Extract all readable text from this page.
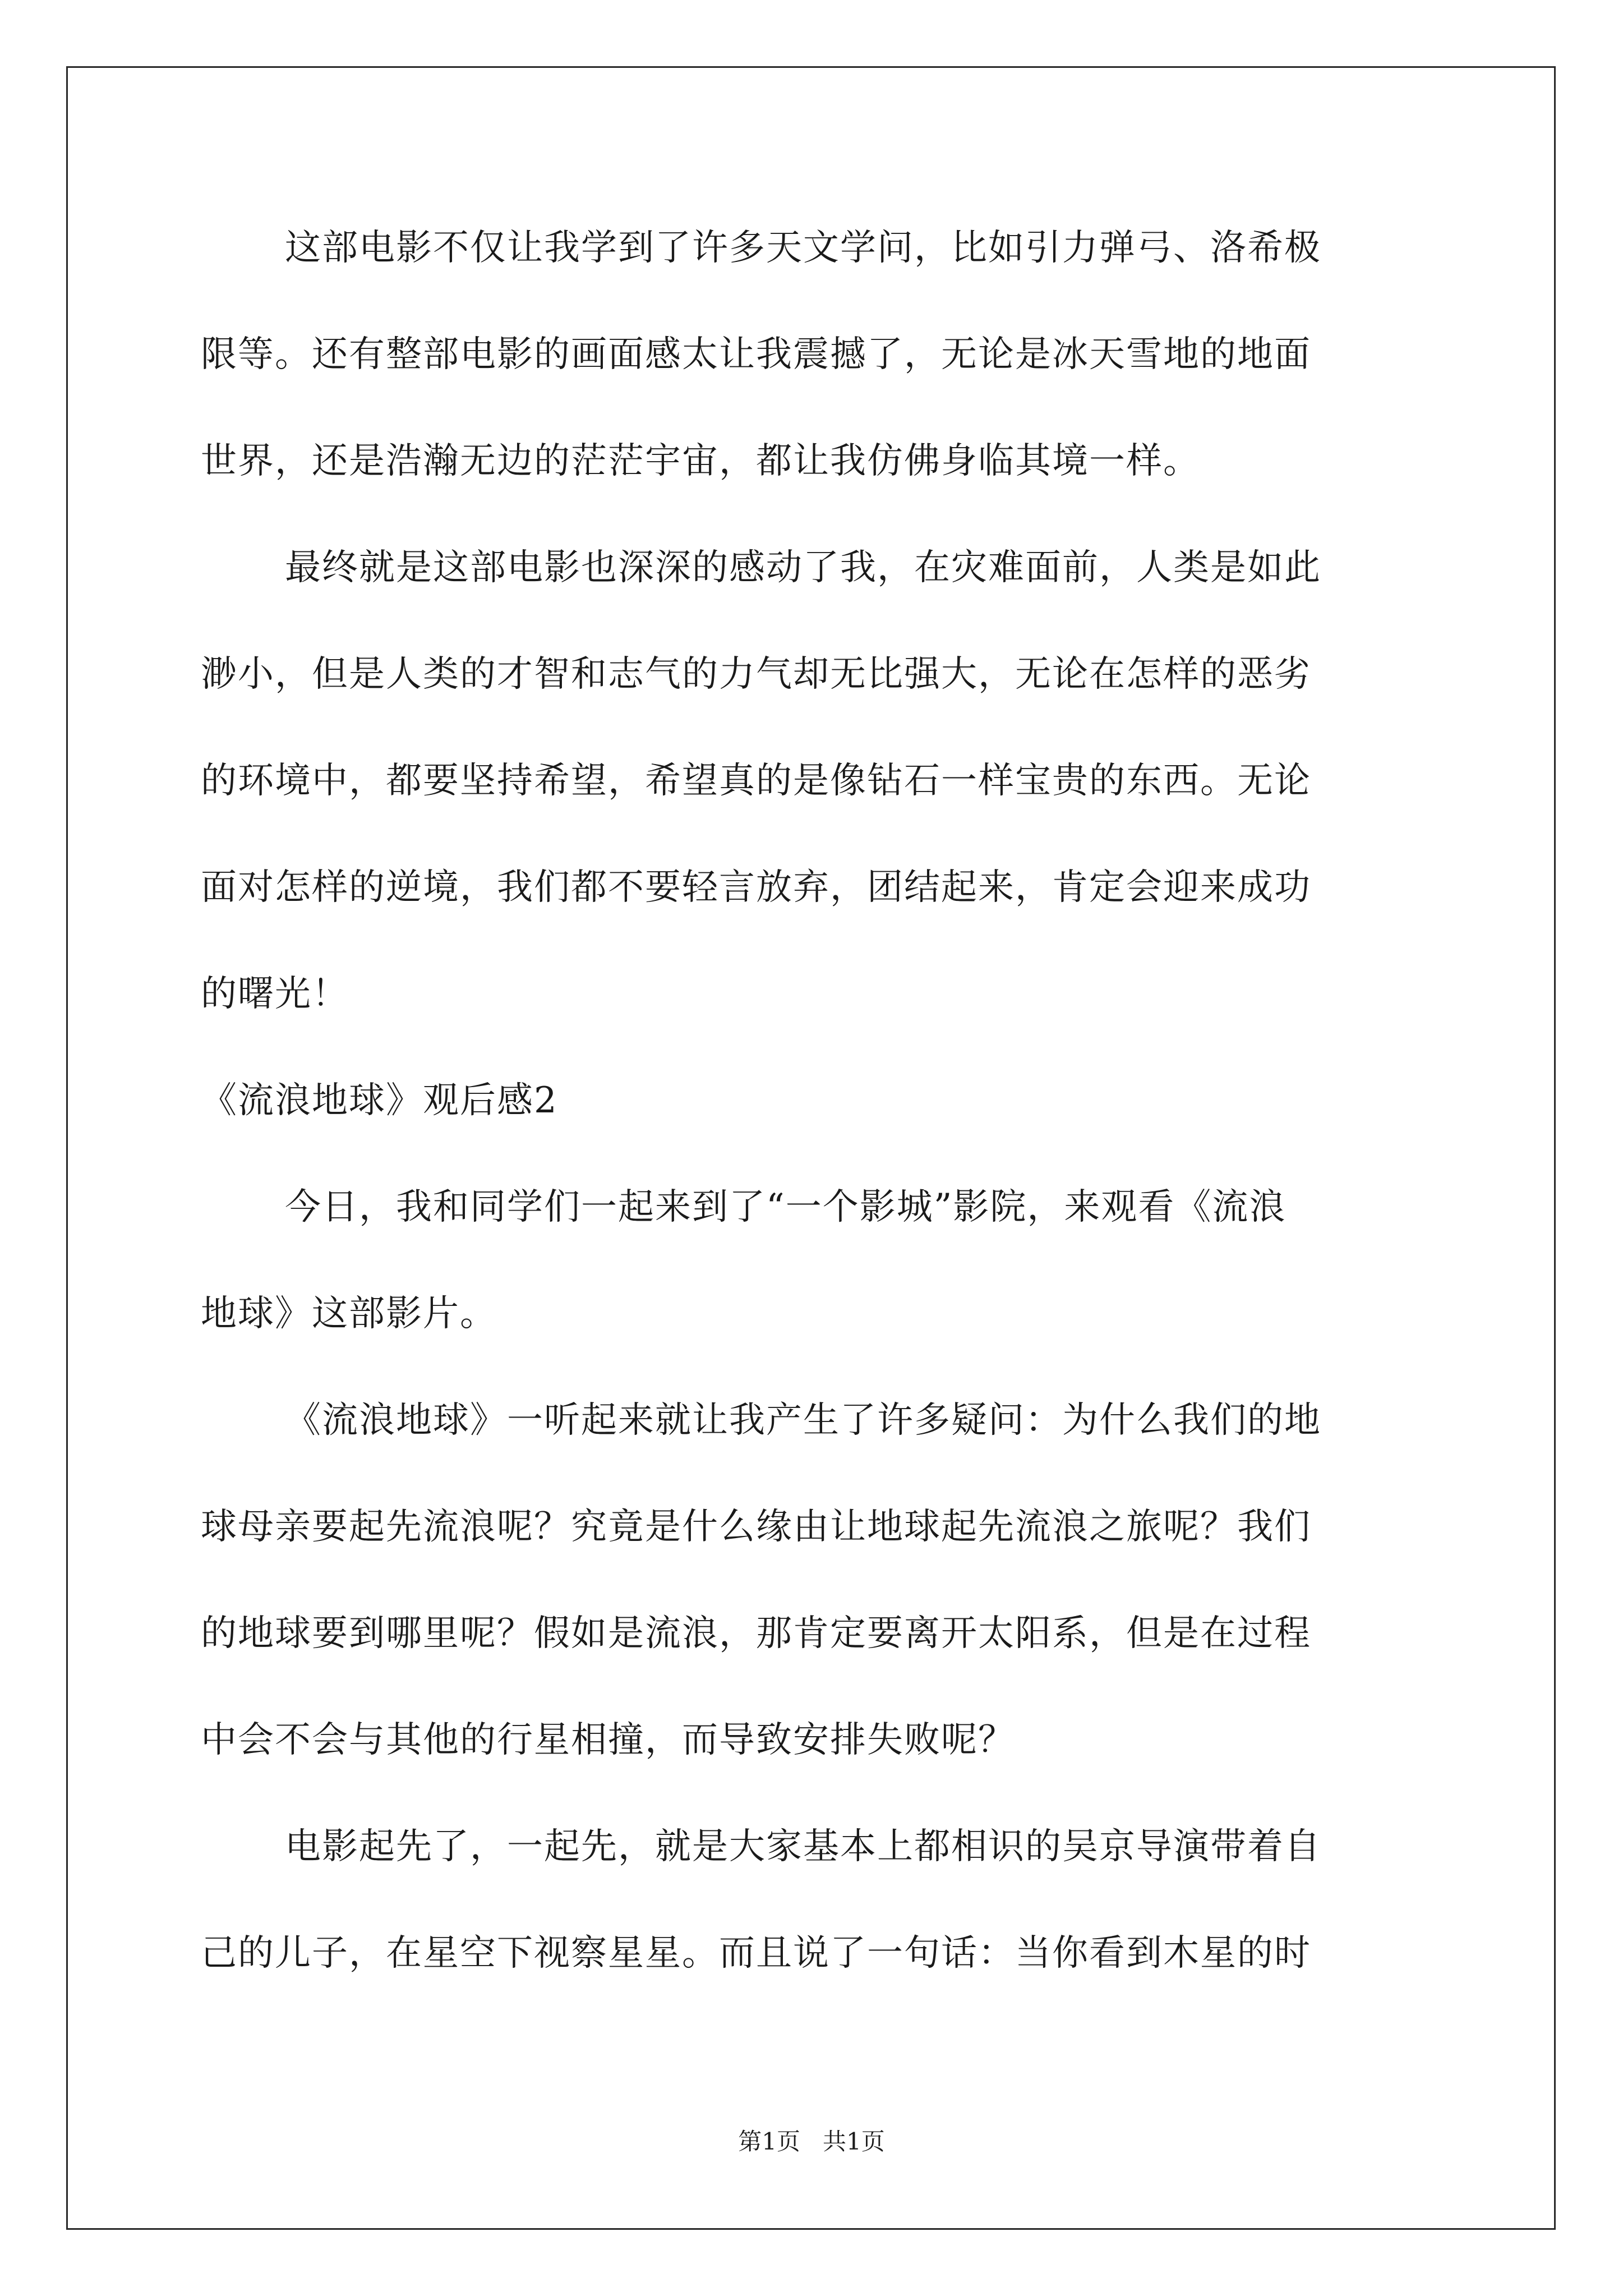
这部电影不仅让我学到了许多天文学问，比如引力弹弓、洛希极
限等。还有整部电影的画面感太让我震撼了，无论是冰天雪地的地面
世界，还是浩瀚无边的茫茫宇宙，都让我仿佛身临其境一样。
最终就是这部电影也深深的感动了我，在灾难面前，人类是如此
渺小，但是人类的才智和志气的力气却无比强大，无论在怎样的恶劣
的环境中，都要坚持希望，希望真的是像钻石一样宝贵的东西。无论
面对怎样的逆境，我们都不要轻言放弃，团结起来，肯定会迎来成功
的曙光！
《流浪地球》观后感2
今日，我和同学们一起来到了“一个影城”影院，来观看《流浪
地球》这部影片。
《流浪地球》一听起来就让我产生了许多疑问：为什么我们的地
球母亲要起先流浪呢？究竟是什么缘由让地球起先流浪之旅呢？我们
的地球要到哪里呢？假如是流浪，那肯定要离开太阳系，但是在过程
中会不会与其他的行星相撞，而导致安排失败呢？
电影起先了，一起先，就是大家基本上都相识的吴京导演带着自
己的儿子，在星空下视察星星。而且说了一句话：当你看到木星的时
第1页   共1页
